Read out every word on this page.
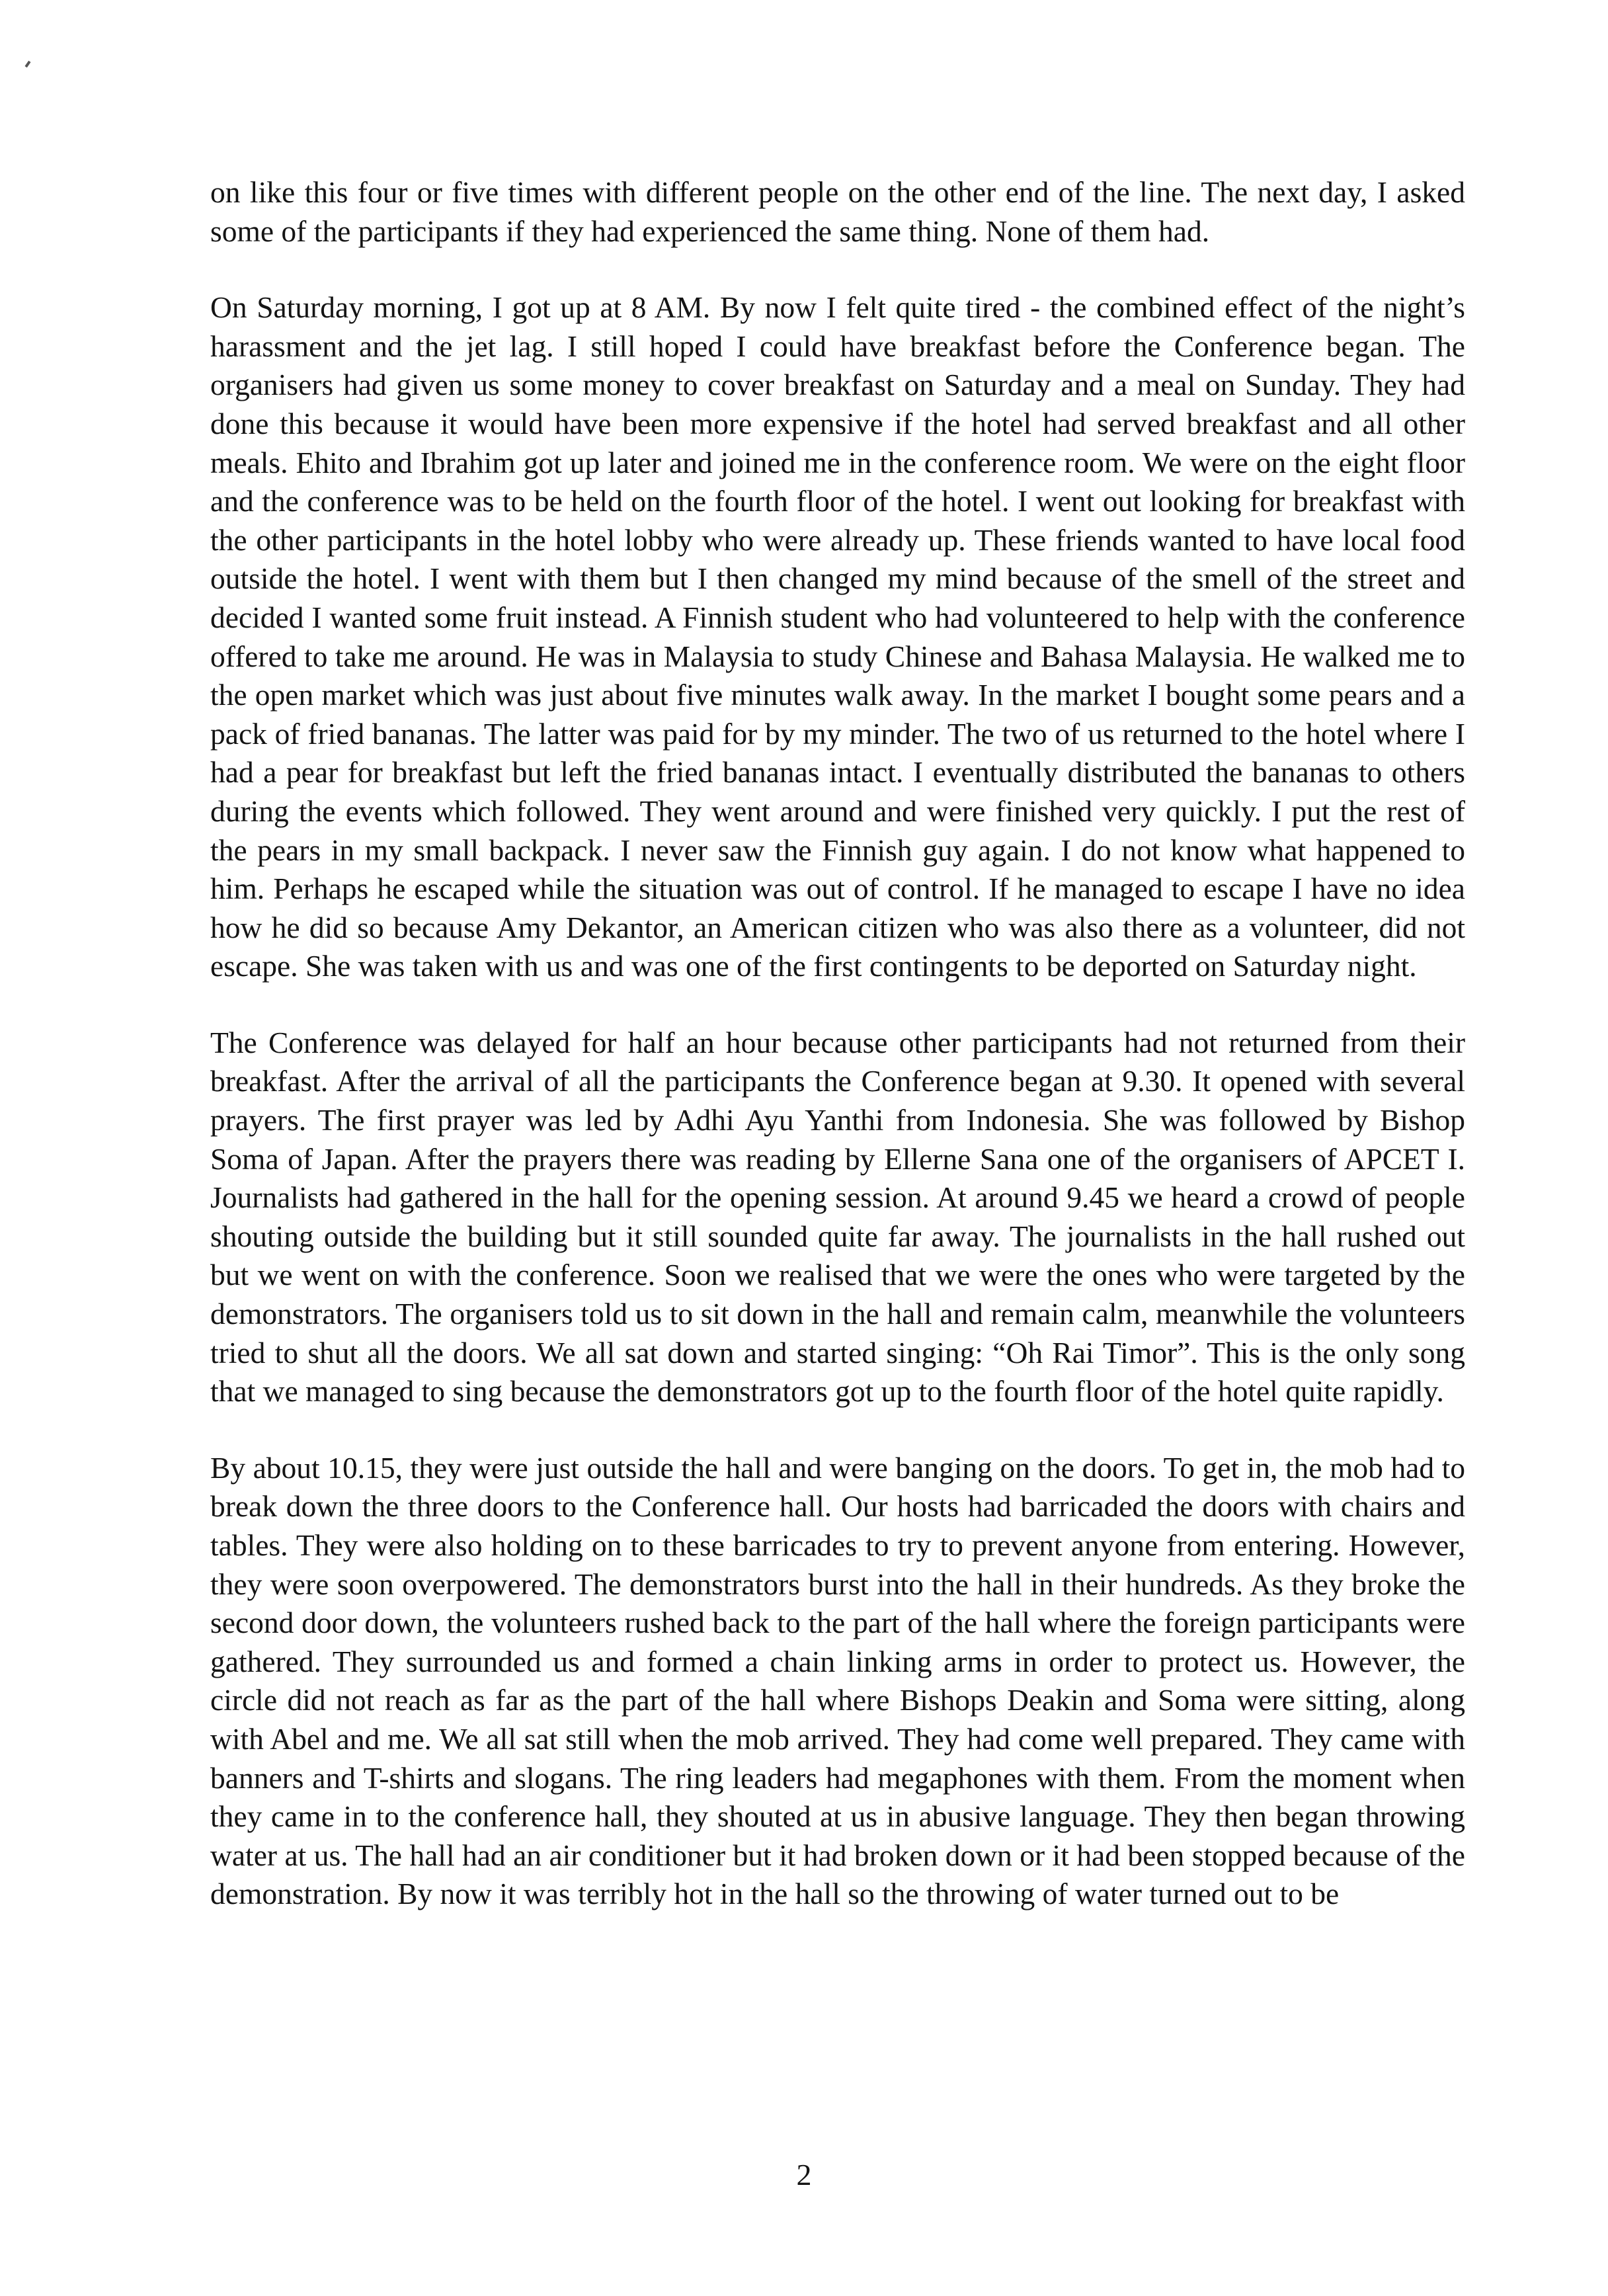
on like this four or five times with different people on the other end of the line. The next day, I asked some of the participants if they had experienced the same thing. None of them had.

On Saturday morning, I got up at 8 AM. By now I felt quite tired - the combined effect of the night’s harassment and the jet lag. I still hoped I could have breakfast before the Conference began. The organisers had given us some money to cover breakfast on Saturday and a meal on Sunday. They had done this because it would have been more expensive if the hotel had served breakfast and all other meals. Ehito and Ibrahim got up later and joined me in the conference room. We were on the eight floor and the conference was to be held on the fourth floor of the hotel. I went out looking for breakfast with the other participants in the hotel lobby who were already up. These friends wanted to have local food outside the hotel. I went with them but I then changed my mind because of the smell of the street and decided I wanted some fruit instead. A Finnish student who had volunteered to help with the conference offered to take me around. He was in Malaysia to study Chinese and Bahasa Malaysia. He walked me to the open market which was just about five minutes walk away. In the market I bought some pears and a pack of fried bananas. The latter was paid for by my minder. The two of us returned to the hotel where I had a pear for breakfast but left the fried bananas intact. I eventually distributed the bananas to others during the events which followed. They went around and were finished very quickly. I put the rest of the pears in my small backpack. I never saw the Finnish guy again. I do not know what happened to him. Perhaps he escaped while the situation was out of control. If he managed to escape I have no idea how he did so because Amy Dekantor, an American citizen who was also there as a volunteer, did not escape. She was taken with us and was one of the first contingents to be deported on Saturday night.

The Conference was delayed for half an hour because other participants had not returned from their breakfast. After the arrival of all the participants the Conference began at 9.30. It opened with several prayers. The first prayer was led by Adhi Ayu Yanthi from Indonesia. She was followed by Bishop Soma of Japan. After the prayers there was reading by Ellerne Sana one of the organisers of APCET I. Journalists had gathered in the hall for the opening session. At around 9.45 we heard a crowd of people shouting outside the building but it still sounded quite far away. The journalists in the hall rushed out but we went on with the conference. Soon we realised that we were the ones who were targeted by the demonstrators. The organisers told us to sit down in the hall and remain calm, meanwhile the volunteers tried to shut all the doors. We all sat down and started singing: “Oh Rai Timor”. This is the only song that we managed to sing because the demonstrators got up to the fourth floor of the hotel quite rapidly.

By about 10.15, they were just outside the hall and were banging on the doors. To get in, the mob had to break down the three doors to the Conference hall. Our hosts had barricaded the doors with chairs and tables. They were also holding on to these barricades to try to prevent anyone from entering. However, they were soon overpowered. The demonstrators burst into the hall in their hundreds. As they broke the second door down, the volunteers rushed back to the part of the hall where the foreign participants were gathered. They surrounded us and formed a chain linking arms in order to protect us. However, the circle did not reach as far as the part of the hall where Bishops Deakin and Soma were sitting, along with Abel and me. We all sat still when the mob arrived. They had come well prepared. They came with banners and T-shirts and slogans. The ring leaders had megaphones with them. From the moment when they came in to the conference hall, they shouted at us in abusive language. They then began throwing water at us. The hall had an air conditioner but it had broken down or it had been stopped because of the demonstration. By now it was terribly hot in the hall so the throwing of water turned out to be

2
